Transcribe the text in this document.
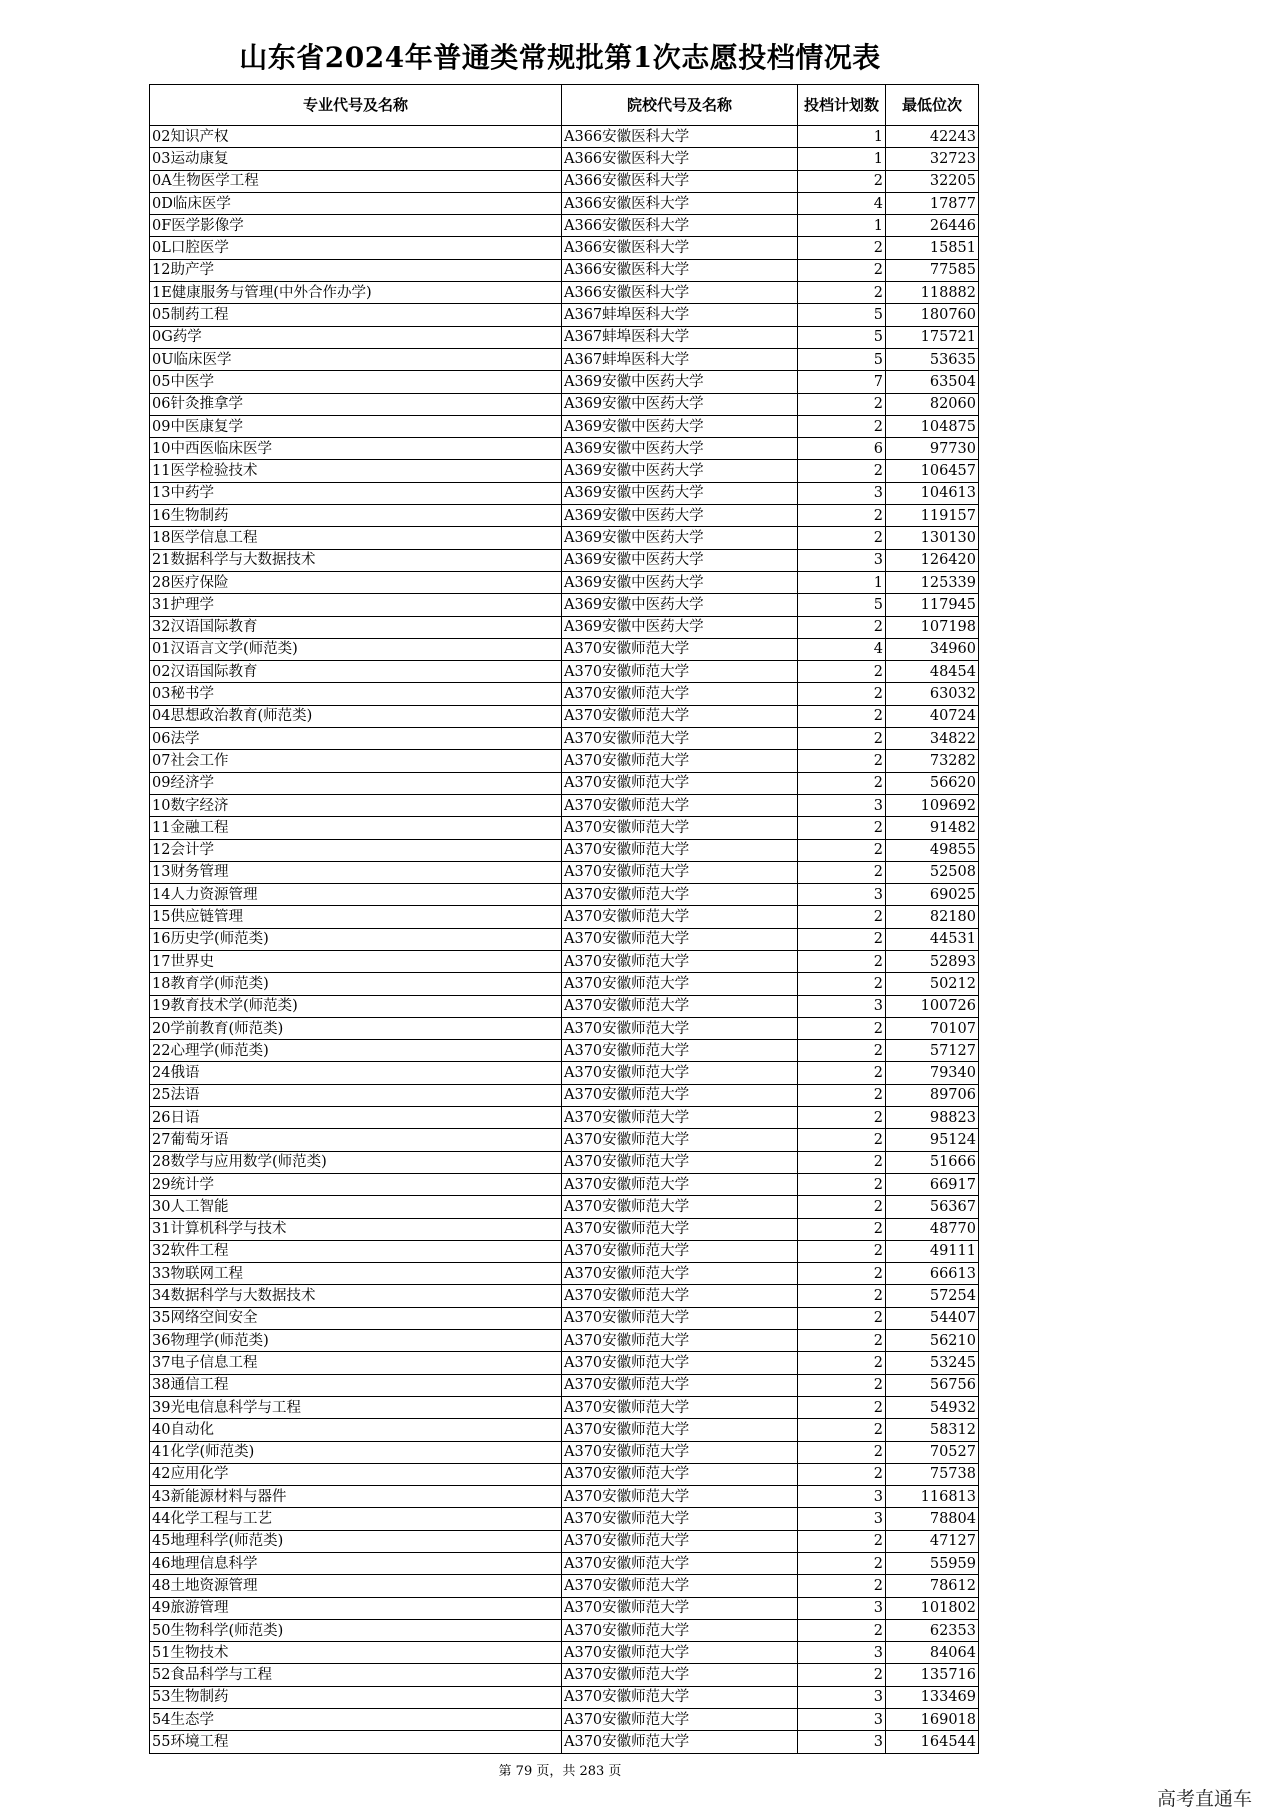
山东省2024年普通类常规批第1次志愿投档情况表
专业代号及名称	院校代号及名称	投档计划数	最低位次
02知识产权	A366安徽医科大学	1	42243
03运动康复	A366安徽医科大学	1	32723
0A生物医学工程	A366安徽医科大学	2	32205
0D临床医学	A366安徽医科大学	4	17877
0F医学影像学	A366安徽医科大学	1	26446
0L口腔医学	A366安徽医科大学	2	15851
12助产学	A366安徽医科大学	2	77585
1E健康服务与管理(中外合作办学)	A366安徽医科大学	2	118882
05制药工程	A367蚌埠医科大学	5	180760
0G药学	A367蚌埠医科大学	5	175721
0U临床医学	A367蚌埠医科大学	5	53635
05中医学	A369安徽中医药大学	7	63504
06针灸推拿学	A369安徽中医药大学	2	82060
09中医康复学	A369安徽中医药大学	2	104875
10中西医临床医学	A369安徽中医药大学	6	97730
11医学检验技术	A369安徽中医药大学	2	106457
13中药学	A369安徽中医药大学	3	104613
16生物制药	A369安徽中医药大学	2	119157
18医学信息工程	A369安徽中医药大学	2	130130
21数据科学与大数据技术	A369安徽中医药大学	3	126420
28医疗保险	A369安徽中医药大学	1	125339
31护理学	A369安徽中医药大学	5	117945
32汉语国际教育	A369安徽中医药大学	2	107198
01汉语言文学(师范类)	A370安徽师范大学	4	34960
02汉语国际教育	A370安徽师范大学	2	48454
03秘书学	A370安徽师范大学	2	63032
04思想政治教育(师范类)	A370安徽师范大学	2	40724
06法学	A370安徽师范大学	2	34822
07社会工作	A370安徽师范大学	2	73282
09经济学	A370安徽师范大学	2	56620
10数字经济	A370安徽师范大学	3	109692
11金融工程	A370安徽师范大学	2	91482
12会计学	A370安徽师范大学	2	49855
13财务管理	A370安徽师范大学	2	52508
14人力资源管理	A370安徽师范大学	3	69025
15供应链管理	A370安徽师范大学	2	82180
16历史学(师范类)	A370安徽师范大学	2	44531
17世界史	A370安徽师范大学	2	52893
18教育学(师范类)	A370安徽师范大学	2	50212
19教育技术学(师范类)	A370安徽师范大学	3	100726
20学前教育(师范类)	A370安徽师范大学	2	70107
22心理学(师范类)	A370安徽师范大学	2	57127
24俄语	A370安徽师范大学	2	79340
25法语	A370安徽师范大学	2	89706
26日语	A370安徽师范大学	2	98823
27葡萄牙语	A370安徽师范大学	2	95124
28数学与应用数学(师范类)	A370安徽师范大学	2	51666
29统计学	A370安徽师范大学	2	66917
30人工智能	A370安徽师范大学	2	56367
31计算机科学与技术	A370安徽师范大学	2	48770
32软件工程	A370安徽师范大学	2	49111
33物联网工程	A370安徽师范大学	2	66613
34数据科学与大数据技术	A370安徽师范大学	2	57254
35网络空间安全	A370安徽师范大学	2	54407
36物理学(师范类)	A370安徽师范大学	2	56210
37电子信息工程	A370安徽师范大学	2	53245
38通信工程	A370安徽师范大学	2	56756
39光电信息科学与工程	A370安徽师范大学	2	54932
40自动化	A370安徽师范大学	2	58312
41化学(师范类)	A370安徽师范大学	2	70527
42应用化学	A370安徽师范大学	2	75738
43新能源材料与器件	A370安徽师范大学	3	116813
44化学工程与工艺	A370安徽师范大学	3	78804
45地理科学(师范类)	A370安徽师范大学	2	47127
46地理信息科学	A370安徽师范大学	2	55959
48土地资源管理	A370安徽师范大学	2	78612
49旅游管理	A370安徽师范大学	3	101802
50生物科学(师范类)	A370安徽师范大学	2	62353
51生物技术	A370安徽师范大学	3	84064
52食品科学与工程	A370安徽师范大学	2	135716
53生物制药	A370安徽师范大学	3	133469
54生态学	A370安徽师范大学	3	169018
55环境工程	A370安徽师范大学	3	164544
第 79 页，共 283 页
高考直通车
